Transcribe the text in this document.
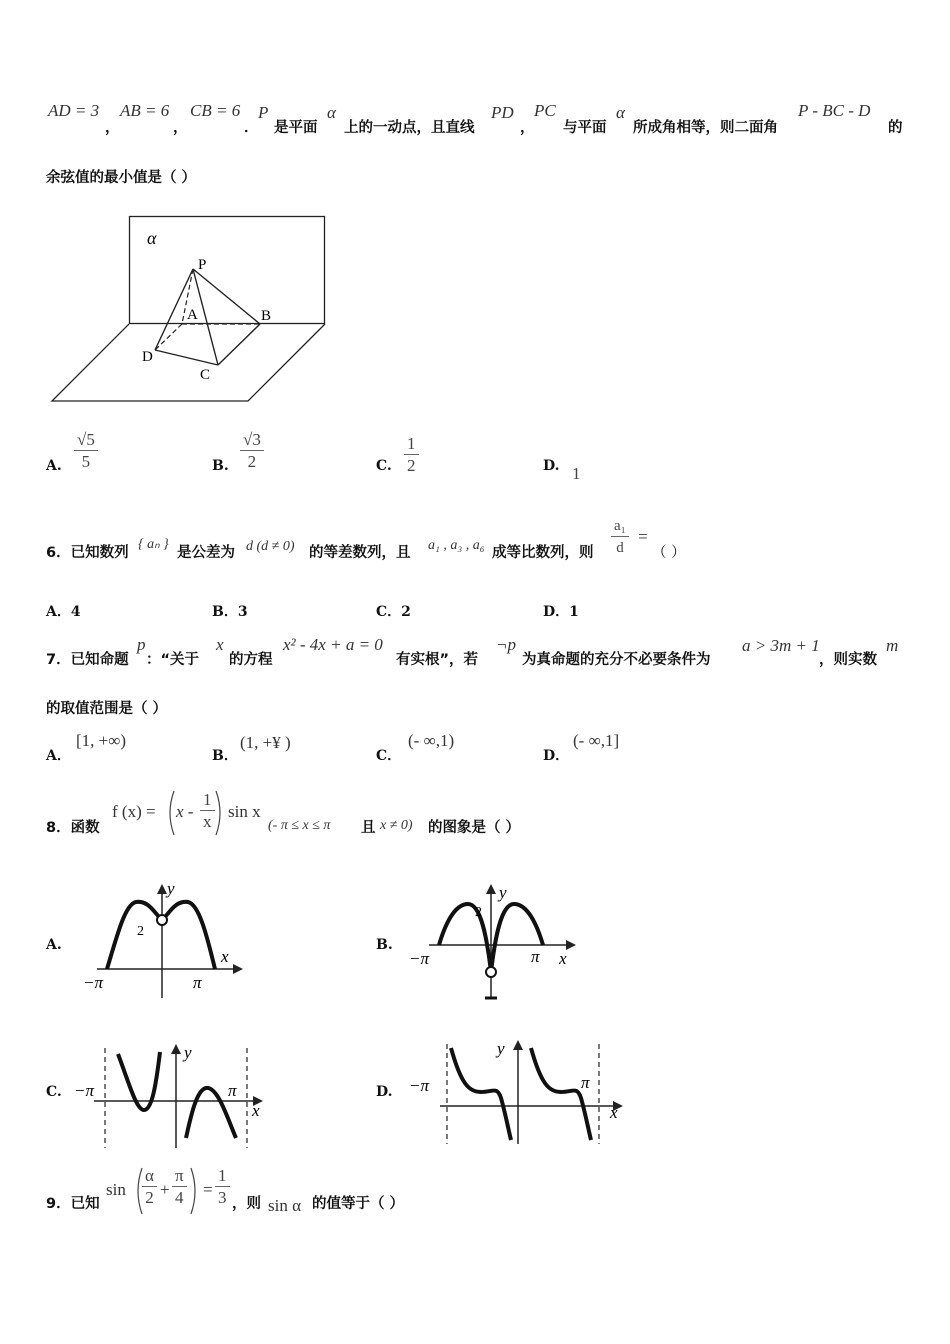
AD = 3
，
AB = 6
，
CB = 6
．
P
是平面
α
上的一动点，且直线
PD
，
PC
与平面
α
所成角相等，则二面角
P - BC - D
的
余弦值的最小值是（ ）
α
P
A	B
D
C
A. $\frac{√5}{5}$	B. $\frac{√3}{2}$	C. $\frac{1}{2}$	D. 1
6．已知数列
{ aₙ }
是公差为 d (d ≠ 0) 的等差数列，且 a₁ , a₃ , a₆ 成等比数列，则 $\frac{\text{a₁}}{d}$ =
（ ）
A．4	B．3	C．2	D．1
7．已知命题
p
：“关于
x
的方程
x² - 4x + a = 0
有实根”，若
¬p
为真命题的充分不必要条件为
a > 3m + 1
，则实数
m
的取值范围是（ ）
A．
[1, +∞)
B．
(1, +¥ )
C．
(- ∞,1)
D．
(- ∞,1]
8．函数
f $(x) = x - \frac{1}{x}$ sin x
(- π ≤ x ≤ π 且 x ≠ 0) 的图象是（ ）
A.
−π	π
x
y
2
B.
−π	π x
y
2
C. −π	π
x
y
D. −π	π
x
y
9．已知
$\sin \frac{\alpha}{2} + \frac{\pi}{4} = \frac{1}{3}$ ，则 sin α 的值等于（ ）
